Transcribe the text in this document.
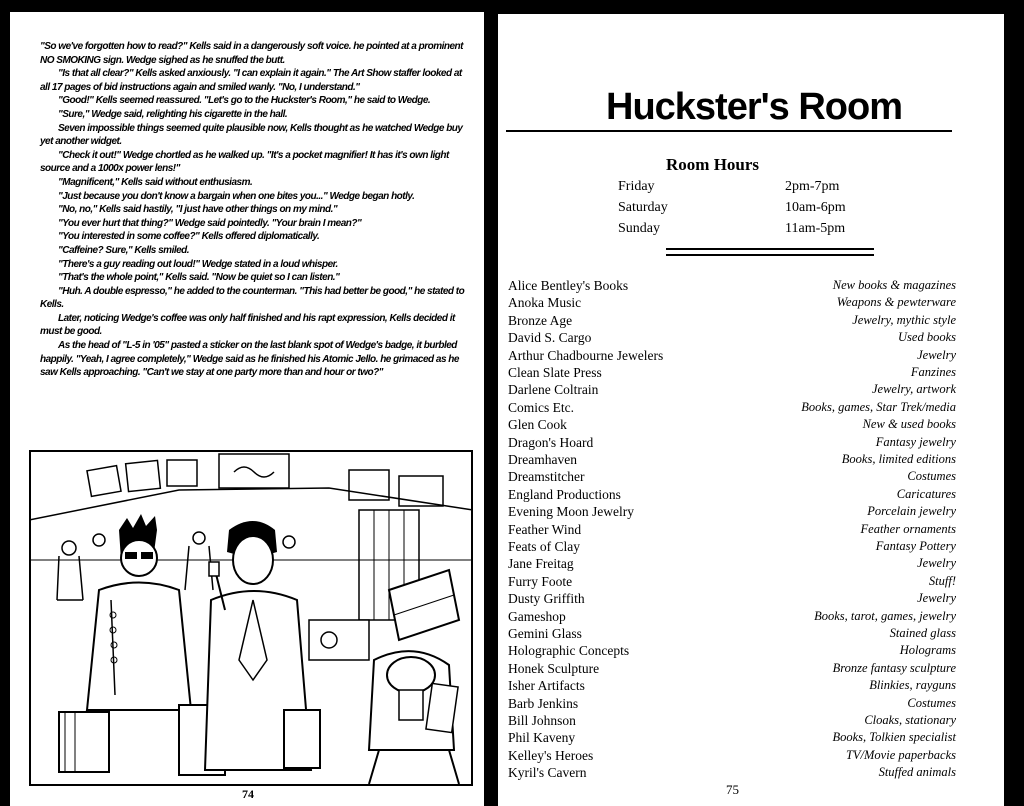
"So we've forgotten how to read?" Kells said in a dangerously soft voice. he pointed at a prominent NO SMOKING sign. Wedge sighed as he snuffed the butt.

"Is that all clear?" Kells asked anxiously. "I can explain it again." The Art Show staffer looked at all 17 pages of bid instructions again and smiled wanly. "No, I understand."

"Good!" Kells seemed reassured. "Let's go to the Huckster's Room," he said to Wedge.

"Sure," Wedge said, relighting his cigarette in the hall.

Seven impossible things seemed quite plausible now, Kells thought as he watched Wedge buy yet another widget.

"Check it out!" Wedge chortled as he walked up. "It's a pocket magnifier! It has it's own light source and a 1000x power lens!"

"Magnificent," Kells said without enthusiasm.

"Just because you don't know a bargain when one bites you..." Wedge began hotly.

"No, no," Kells said hastily, "I just have other things on my mind."

"You ever hurt that thing?" Wedge said pointedly. "Your brain I mean?"

"You interested in some coffee?" Kells offered diplomatically.

"Caffeine? Sure," Kells smiled.

"There's a guy reading out loud!" Wedge stated in a loud whisper.

"That's the whole point," Kells said. "Now be quiet so I can listen."

"Huh. A double espresso," he added to the counterman. "This had better be good," he stated to Kells.

Later, noticing Wedge's coffee was only half finished and his rapt expression, Kells decided it must be good.

As the head of "L-5 in '05" pasted a sticker on the last blank spot of Wedge's badge, it burbled happily. "Yeah, I agree completely," Wedge said as he finished his Atomic Jello. he grimaced as he saw Kells approaching. "Can't we stay at one party more than and hour or two?"

74
Huckster's Room
Room Hours
Friday	2pm-7pm
Saturday	10am-6pm
Sunday	11am-5pm
Alice Bentley's Books	New books & magazines
Anoka Music	Weapons & pewterware
Bronze Age	Jewelry, mythic style
David S. Cargo	Used books
Arthur Chadbourne Jewelers	Jewelry
Clean Slate Press	Fanzines
Darlene Coltrain	Jewelry, artwork
Comics Etc.	Books, games, Star Trek/media
Glen Cook	New & used books
Dragon's Hoard	Fantasy jewelry
Dreamhaven	Books, limited editions
Dreamstitcher	Costumes
England Productions	Caricatures
Evening Moon Jewelry	Porcelain jewelry
Feather Wind	Feather ornaments
Feats of Clay	Fantasy Pottery
Jane Freitag	Jewelry
Furry Foote	Stuff!
Dusty Griffith	Jewelry
Gameshop	Books, tarot, games, jewelry
Gemini Glass	Stained glass
Holographic Concepts	Holograms
Honek Sculpture	Bronze fantasy sculpture
Isher Artifacts	Blinkies, rayguns
Barb Jenkins	Costumes
Bill Johnson	Cloaks, stationary
Phil Kaveny	Books, Tolkien specialist
Kelley's Heroes	TV/Movie paperbacks
Kyril's Cavern	Stuffed animals
75
